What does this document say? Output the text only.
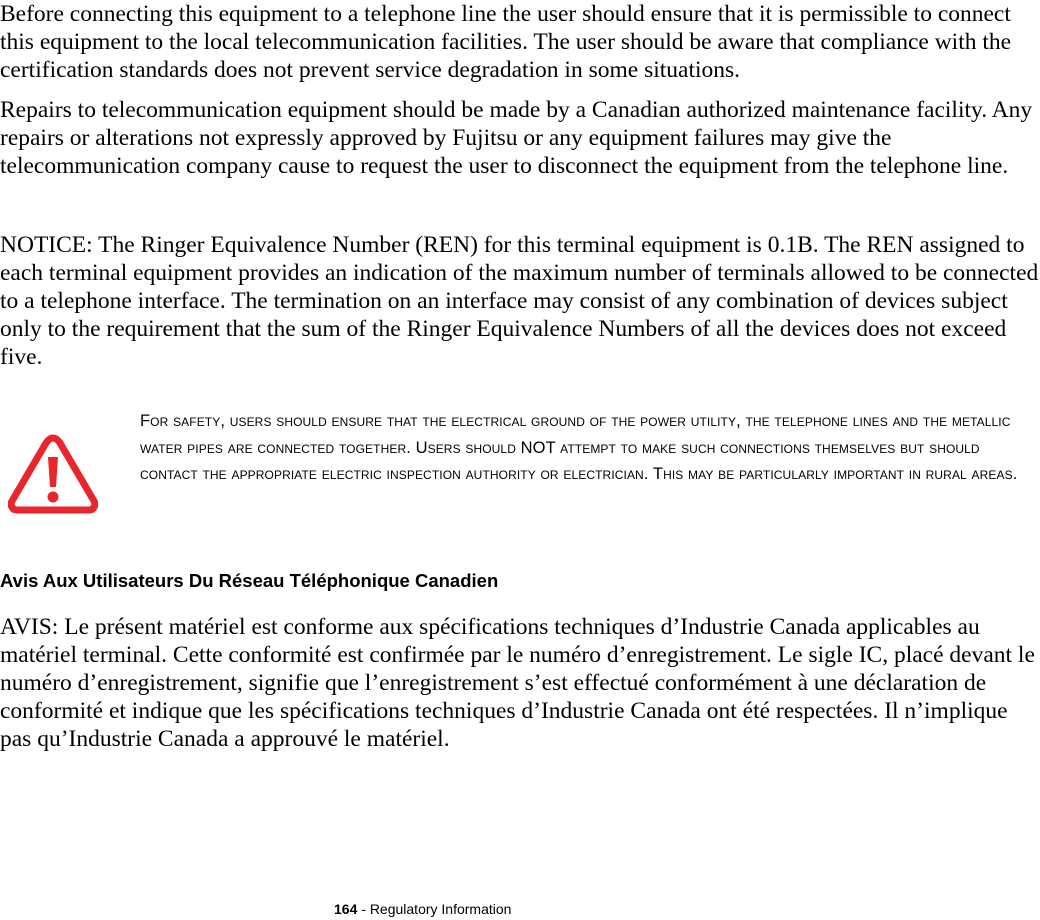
Before connecting this equipment to a telephone line the user should ensure that it is permissible to connect this equipment to the local telecommunication facilities. The user should be aware that compliance with the certification standards does not prevent service degradation in some situations.

Repairs to telecommunication equipment should be made by a Canadian authorized maintenance facility. Any repairs or alterations not expressly approved by Fujitsu or any equipment failures may give the telecommunication company cause to request the user to disconnect the equipment from the telephone line.

NOTICE: The Ringer Equivalence Number (REN) for this terminal equipment is 0.1B. The REN assigned to each terminal equipment provides an indication of the maximum number of terminals allowed to be connected to a telephone interface. The termination on an interface may consist of any combination of devices subject only to the requirement that the sum of the Ringer Equivalence Numbers of all the devices does not exceed five.

For safety, users should ensure that the electrical ground of the power utility, the telephone lines and the metallic water pipes are connected together. Users should NOT attempt to make such connections themselves but should contact the appropriate electric inspection authority or electrician. This may be particularly important in rural areas.

Avis Aux Utilisateurs Du Réseau Téléphonique Canadien

AVIS: Le présent matériel est conforme aux spécifications techniques d’Industrie Canada applicables au matériel terminal. Cette conformité est confirmée par le numéro d’enregistrement. Le sigle IC, placé devant le numéro d’enregistrement, signifie que l’enregistrement s’est effectué conformément à une déclaration de conformité et indique que les spécifications techniques d’Industrie Canada ont été respectées. Il n’implique pas qu’Industrie Canada a approuvé le matériel.

164 - Regulatory Information
